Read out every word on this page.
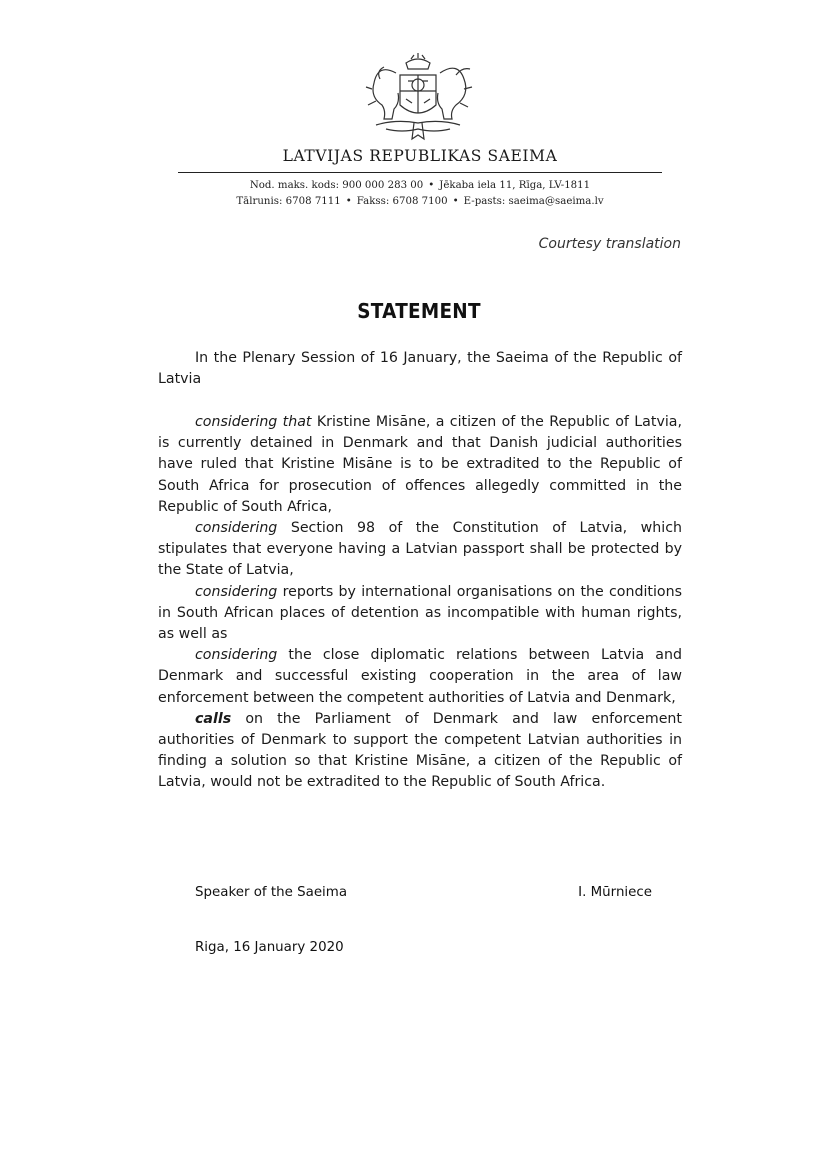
LATVIJAS REPUBLIKAS SAEIMA
Nod. maks. kods: 900 000 283 00 • Jēkaba iela 11, Rīga, LV-1811
Tālrunis: 6708 7111 • Fakss: 6708 7100 • E-pasts: saeima@saeima.lv
Courtesy translation
STATEMENT

In the Plenary Session of 16 January, the Saeima of the Republic of Latvia

considering that Kristine Misāne, a citizen of the Republic of Latvia, is currently detained in Denmark and that Danish judicial authorities have ruled that Kristine Misāne is to be extradited to the Republic of South Africa for prosecution of offences allegedly committed in the Republic of South Africa,

considering Section 98 of the Constitution of Latvia, which stipulates that everyone having a Latvian passport shall be protected by the State of Latvia,

considering reports by international organisations on the conditions in South African places of detention as incompatible with human rights, as well as

considering the close diplomatic relations between Latvia and Denmark and successful existing cooperation in the area of law enforcement between the competent authorities of Latvia and Denmark,

calls on the Parliament of Denmark and law enforcement authorities of Denmark to support the competent Latvian authorities in finding a solution so that Kristine Misāne, a citizen of the Republic of Latvia, would not be extradited to the Republic of South Africa.

Speaker of the Saeima	I. Mūrniece
Riga, 16 January 2020
